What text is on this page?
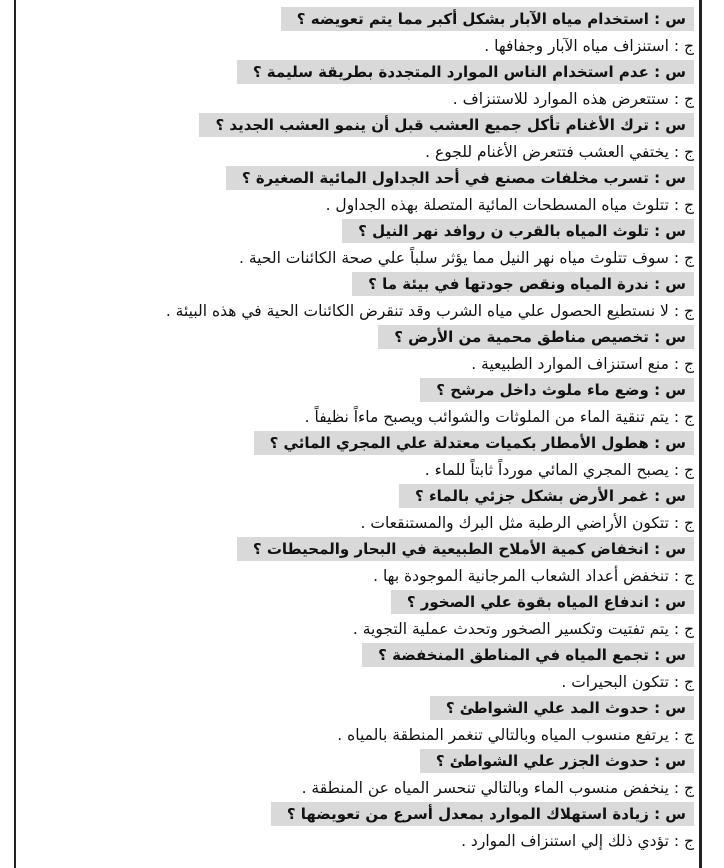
س : استخدام مياه الآبار بشكل أكبر مما يتم تعويضه ؟
ج : استنزاف مياه الآبار وجفافها .
س : عدم استخدام الناس الموارد المتجددة بطريقة سليمة ؟
ج : ستتعرض هذه الموارد للاستنزاف .
س : ترك الأغنام تأكل جميع العشب قبل أن ينمو العشب الجديد ؟
ج : يختفي العشب فتتعرض الأغنام للجوع .
س : تسرب مخلفات مصنع في أحد الجداول المائية الصغيرة ؟
ج : تتلوث مياه المسطحات المائية المتصلة بهذه الجداول .
س : تلوث المياه بالقرب ن روافد نهر النيل ؟
ج : سوف تتلوث مياه نهر النيل مما يؤثر سلباً علي صحة الكائنات الحية .
س : ندرة المياه ونقص جودتها في بيئة ما ؟
ج : لا نستطيع الحصول علي مياه الشرب وقد تنقرض الكائنات الحية في هذه البيئة .
س : تخصيص مناطق محمية من الأرض ؟
ج : منع استنزاف الموارد الطبيعية .
س : وضع ماء ملوث داخل مرشح ؟
ج : يتم تنقية الماء من الملوثات والشوائب ويصبح ماءاً نظيفاً .
س : هطول الأمطار بكميات معتدلة علي المجري المائي ؟
ج : يصبح المجري المائي مورداً ثابتاً للماء .
س : غمر الأرض بشكل جزئي بالماء ؟
ج : تتكون الأراضي الرطبة مثل البرك والمستنقعات .
س : انخفاض كمية الأملاح الطبيعية في البحار والمحيطات ؟
ج : تنخفض أعداد الشعاب المرجانية الموجودة بها .
س : اندفاع المياه بقوة علي الصخور ؟
ج : يتم تفتيت وتكسير الصخور وتحدث عملية التجوية .
س : تجمع المياه في المناطق المنخفضة ؟
ج : تتكون البحيرات .
س : حدوث المد علي الشواطئ ؟
ج : يرتفع منسوب المياه وبالتالي تنغمر المنطقة بالمياه .
س : حدوث الجزر علي الشواطئ ؟
ج : ينخفض منسوب الماء وبالتالي تنحسر المياه عن المنطقة .
س : زيادة استهلاك الموارد بمعدل أسرع من تعويضها ؟
ج : تؤدي ذلك إلي استنزاف الموارد .
